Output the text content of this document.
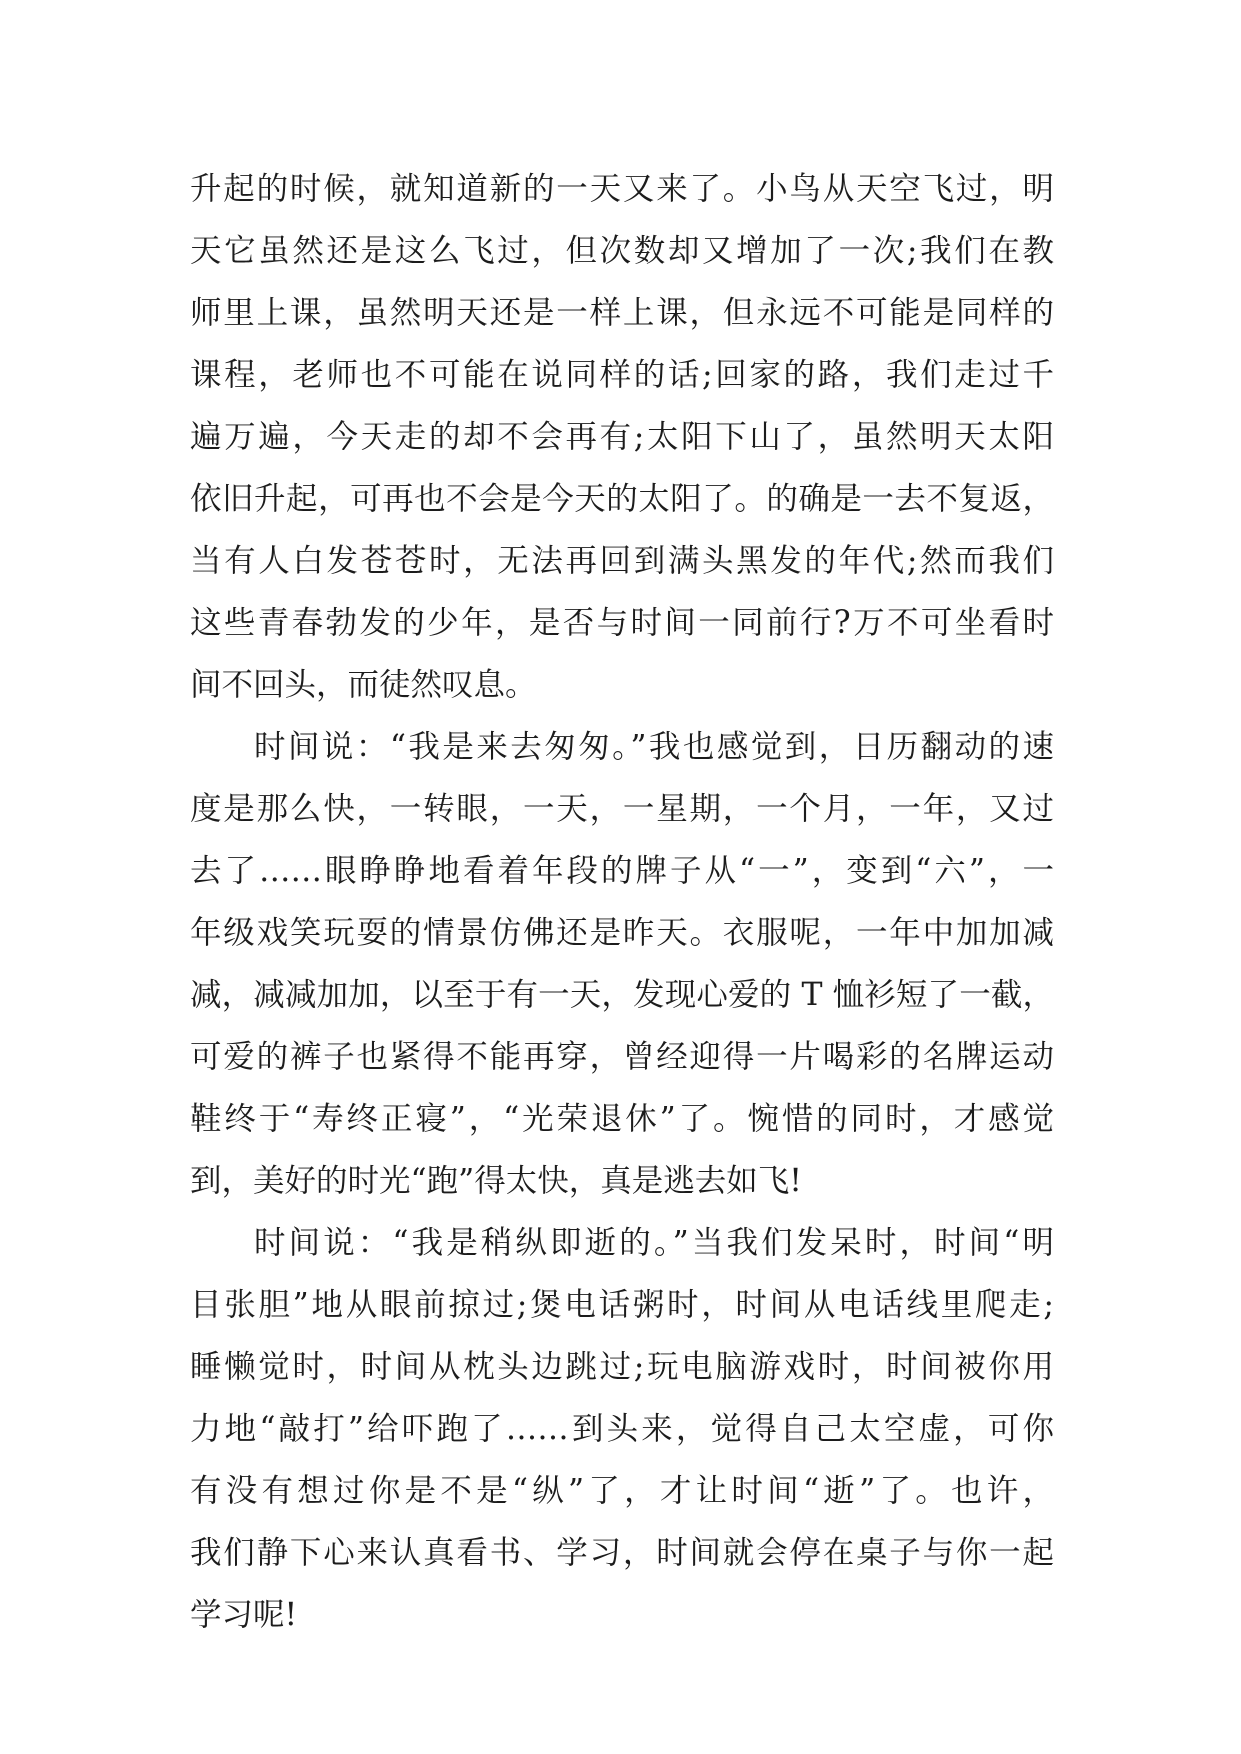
升起的时候，就知道新的一天又来了。小鸟从天空飞过，明
天它虽然还是这么飞过，但次数却又增加了一次;我们在教
师里上课，虽然明天还是一样上课，但永远不可能是同样的
课程，老师也不可能在说同样的话;回家的路，我们走过千
遍万遍，今天走的却不会再有;太阳下山了，虽然明天太阳
依旧升起，可再也不会是今天的太阳了。的确是一去不复返，
当有人白发苍苍时，无法再回到满头黑发的年代;然而我们
这些青春勃发的少年，是否与时间一同前行?万不可坐看时
间不回头，而徒然叹息。
时间说：“我是来去匆匆。”我也感觉到，日历翻动的速
度是那么快，一转眼，一天，一星期，一个月，一年，又过
去了……眼睁睁地看着年段的牌子从“一”，变到“六”，一
年级戏笑玩耍的情景仿佛还是昨天。衣服呢，一年中加加减
减，减减加加，以至于有一天，发现心爱的 T 恤衫短了一截，
可爱的裤子也紧得不能再穿，曾经迎得一片喝彩的名牌运动
鞋终于“寿终正寝”，“光荣退休”了。惋惜的同时，才感觉
到，美好的时光“跑”得太快，真是逃去如飞!
时间说：“我是稍纵即逝的。”当我们发呆时，时间“明
目张胆”地从眼前掠过;煲电话粥时，时间从电话线里爬走;
睡懒觉时，时间从枕头边跳过;玩电脑游戏时，时间被你用
力地“敲打”给吓跑了……到头来，觉得自己太空虚，可你
有没有想过你是不是“纵”了，才让时间“逝”了。也许，
我们静下心来认真看书、学习，时间就会停在桌子与你一起
学习呢!
